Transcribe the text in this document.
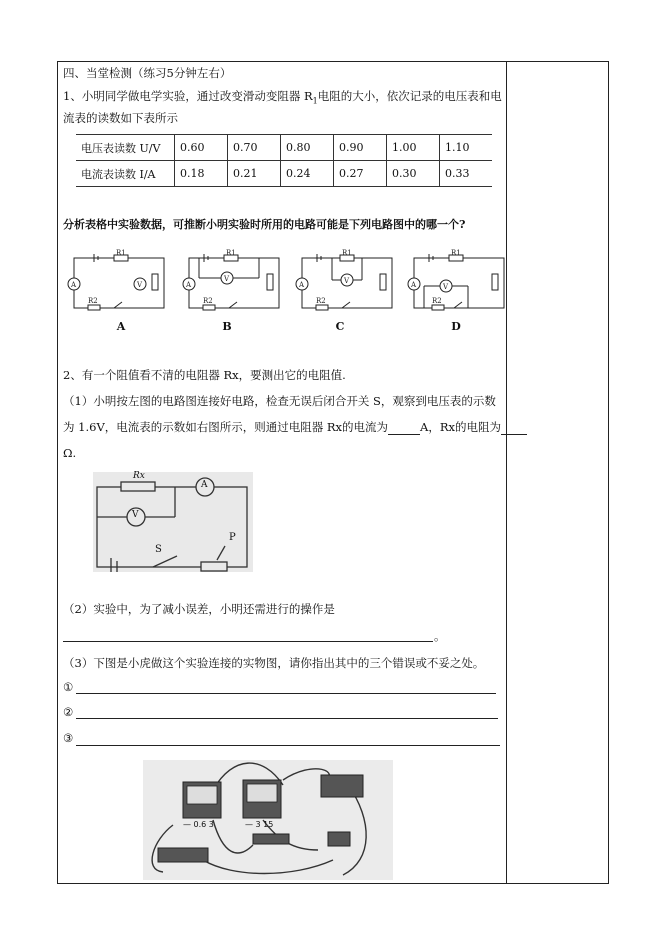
四、当堂检测（练习5分钟左右）
1、小明同学做电学实验，通过改变滑动变阻器 $R_1$电阻的大小，依次记录的电压表和电
流表的读数如下表所示
电压表读数 U/V	0.60	0.70	0.80	0.90	1.00	1.10
电流表读数 I/A	0.18	0.21	0.24	0.27	0.30	0.33
分析表格中实验数据，可推断小明实验时所用的电路可能是下列电路图中的哪一个?
A	V
R1
R2
A
V
R1
R2
A	V
R1
R2
A	V
R1
R2
A	B	C	D
2、有一个阻值看不清的电阻器 Rx，要测出它的电阻值.
（1）小明按左图的电路图连接好电路，检查无误后闭合开关 S，观察到电压表的示数
为 1.6V，电流表的示数如右图所示，则通过电阻器 Rx的电流为	A，Rx的电阻为
Ω.
Rx
A
V
S
P
（2）实验中，为了减小误差，小明还需进行的操作是
。
（3）下图是小虎做这个实验连接的实物图，请你指出其中的三个错误或不妥之处。
①
②
③
— 0.6 3	— 3 15
